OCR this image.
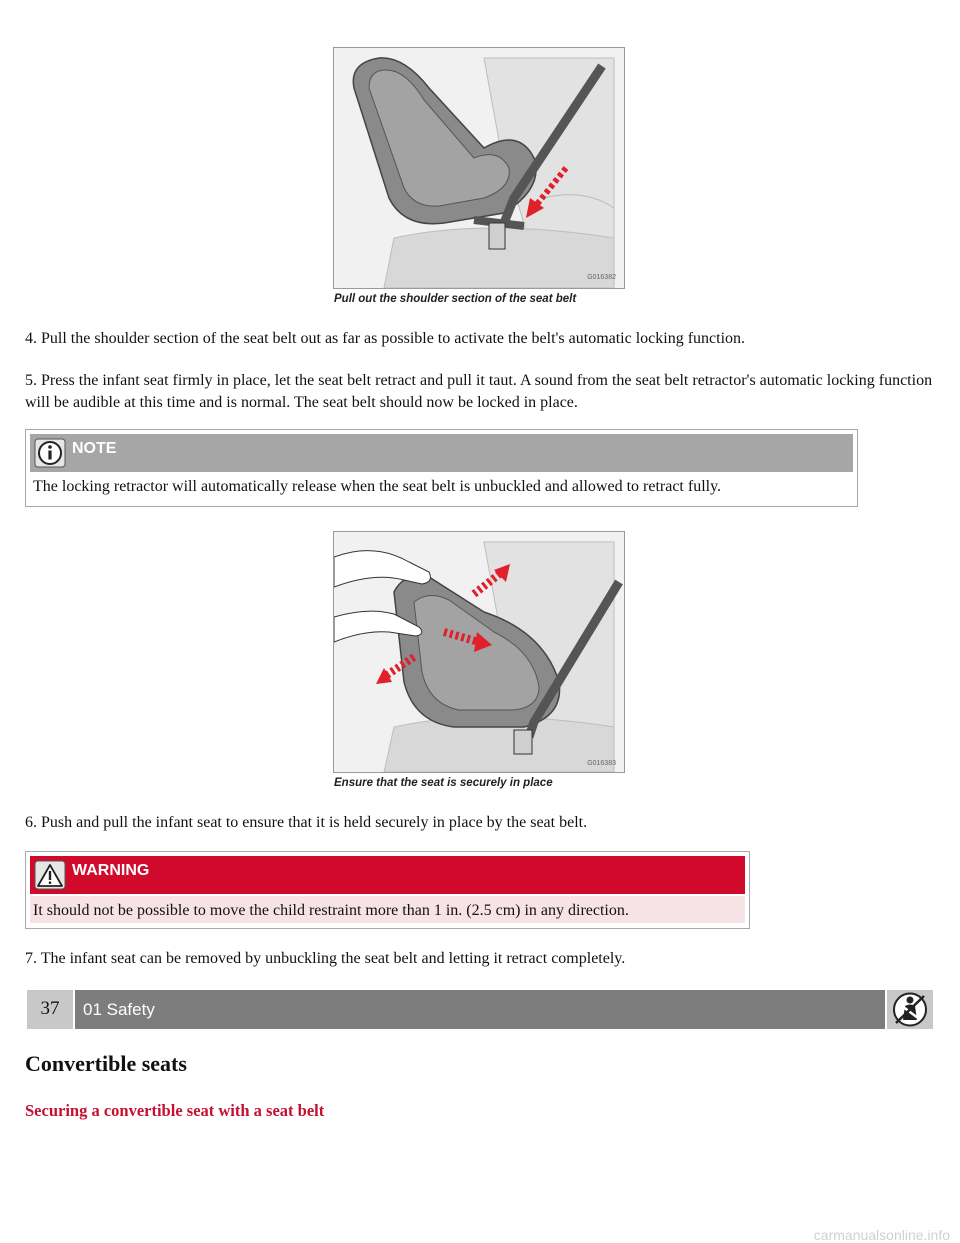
G016382
Pull out the shoulder section of the seat belt

4. Pull the shoulder section of the seat belt out as far as possible to activate the belt's automatic locking function.

5. Press the infant seat firmly in place, let the seat belt retract and pull it taut. A sound from the seat belt retractor's automatic locking function will be audible at this time and is normal. The seat belt should now be locked in place.

NOTE
The locking retractor will automatically release when the seat belt is unbuckled and allowed to retract fully.
G016383
Ensure that the seat is securely in place

6. Push and pull the infant seat to ensure that it is held securely in place by the seat belt.

WARNING
It should not be possible to move the child restraint more than 1 in. (2.5 cm) in any direction.

7. The infant seat can be removed by unbuckling the seat belt and letting it retract completely.

37	01 Safety
Convertible seats
Securing a convertible seat with a seat belt
carmanualsonline.info
